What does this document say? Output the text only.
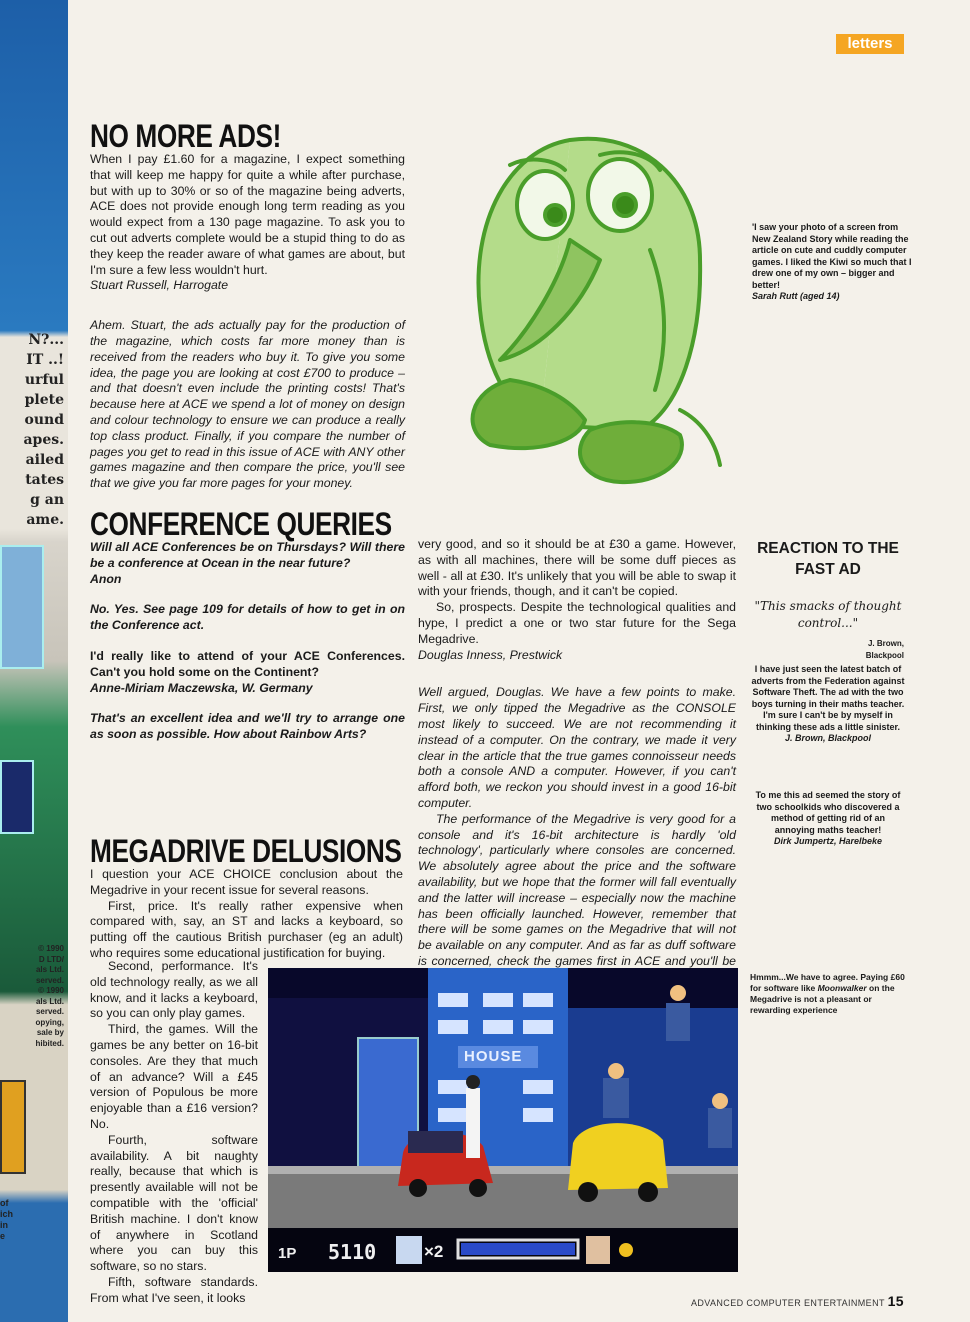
N?...
IT ..!
urful
plete
ound
apes.
ailed
tates
g an
ame.
© 1990
D LTD/
als Ltd.
served.
© 1990
als Ltd.
served.
opying,
sale by
hibited.
of
ich
in
e
letters
NO MORE ADS!

When I pay £1.60 for a magazine, I expect something that will keep me happy for quite a while after purchase, but with up to 30% or so of the magazine being adverts, ACE does not provide enough long term reading as you would expect from a 130 page magazine. To ask you to cut out adverts complete would be a stupid thing to do as they keep the reader aware of what games are about, but I'm sure a few less wouldn't hurt.

Stuart Russell, Harrogate

Ahem. Stuart, the ads actually pay for the production of the magazine, which costs far more money than is received from the readers who buy it. To give you some idea, the page you are looking at cost £700 to produce – and that doesn't even include the printing costs! That's because here at ACE we spend a lot of money on design and colour technology to ensure we can produce a really top class product. Finally, if you compare the number of pages you get to read in this issue of ACE with ANY other games magazine and then compare the price, you'll see that we give you far more pages for your money.

'I saw your photo of a screen from New Zealand Story while reading the article on cute and cuddly computer games. I liked the Kiwi so much that I drew one of my own – bigger and better!
Sarah Rutt (aged 14)
CONFERENCE QUERIES

Will all ACE Conferences be on Thursdays? Will there be a conference at Ocean in the near future?

Anon

No. Yes. See page 109 for details of how to get in on the Conference act.

I'd really like to attend of your ACE Conferences. Can't you hold some on the Continent?

Anne-Miriam Maczewska, W. Germany

That's an excellent idea and we'll try to arrange one as soon as possible. How about Rainbow Arts?

MEGADRIVE DELUSIONS

I question your ACE CHOICE conclusion about the Megadrive in your recent issue for several reasons.

First, price. It's really rather expensive when compared with, say, an ST and lacks a keyboard, so putting off the cautious British purchaser (eg an adult) who requires some educational justification for buying.

Second, performance. It's old technology really, as we all know, and it lacks a keyboard, so you can only play games.

Third, the games. Will the games be any better on 16-bit consoles. Are they that much of an advance? Will a £45 version of Populous be more enjoyable than a £16 version? No.

Fourth, software availability. A bit naughty really, because that which is presently available will not be compatible with the 'official' British machine. I don't know of anywhere in Scotland where you can buy this software, so no stars.

Fifth, software standards. From what I've seen, it looks

very good, and so it should be at £30 a game. However, as with all machines, there will be some duff pieces as well - all at £30. It's unlikely that you will be able to swap it with your friends, though, and it can't be copied.

So, prospects. Despite the technological qualities and hype, I predict a one or two star future for the Sega Megadrive.

Douglas Inness, Prestwick

Well argued, Douglas. We have a few points to make. First, we only tipped the Megadrive as the CONSOLE most likely to succeed. We are not recommending it instead of a computer. On the contrary, we made it very clear in the article that the true games connoisseur needs both a console AND a computer. However, if you can't afford both, we reckon you should invest in a good 16-bit computer.

The performance of the Megadrive is very good for a console and it's 16-bit architecture is hardly 'old technology', particularly where consoles are concerned. We absolutely agree about the price and the software availability, but we hope that the former will fall eventually and the latter will increase – especially now the machine has been officially launched. However, remember that there will be some games on the Megadrive that will not be available on any computer. And as far as duff software is concerned, check the games first in ACE and you'll be

REACTION TO THE FAST AD
"This smacks of thought control..."
J. Brown, Blackpool

I have just seen the latest batch of adverts from the Federation against Software Theft. The ad with the two boys turning in their maths teacher. I'm sure I can't be by myself in thinking these ads a little sinister.

J. Brown, Blackpool

To me this ad seemed the story of two schoolkids who discovered a method of getting rid of an annoying maths teacher!

Dirk Jumpertz, Harelbeke

Hmmm...We have to agree. Paying £60 for software like Moonwalker on the Megadrive is not a pleasant or rewarding experience
1P 5110	×2
HOUSE
ADVANCED COMPUTER ENTERTAINMENT 15
